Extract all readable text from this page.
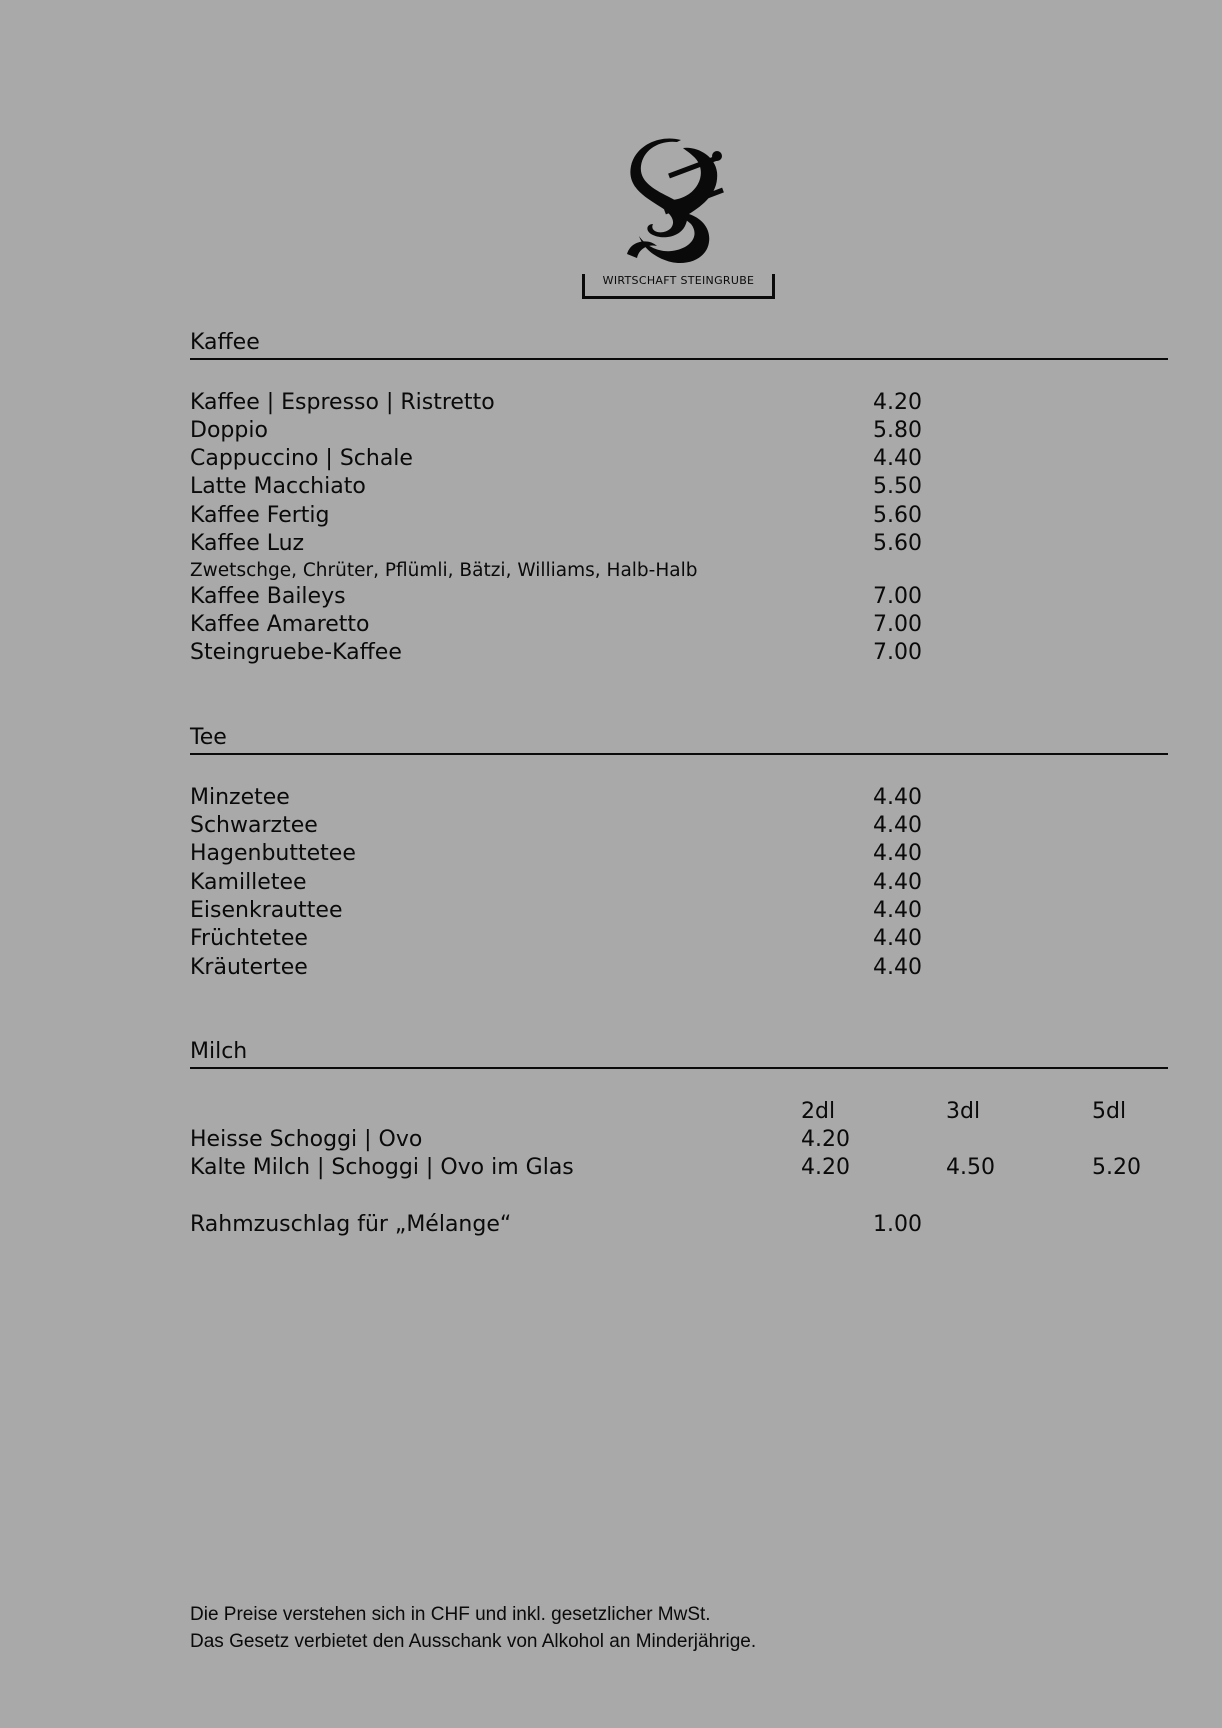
WIRTSCHAFT STEINGRUBE
Kaffee
Kaffee | Espresso | Ristretto	4.20
Doppio	5.80
Cappuccino | Schale	4.40
Latte Macchiato	5.50
Kaffee Fertig	5.60
Kaffee Luz	5.60
Zwetschge, Chrüter, Pflümli, Bätzi, Williams, Halb-Halb
Kaffee Baileys	7.00
Kaffee Amaretto	7.00
Steingruebe-Kaffee	7.00
Tee
Minzetee	4.40
Schwarztee	4.40
Hagenbuttetee	4.40
Kamilletee	4.40
Eisenkrauttee	4.40
Früchtetee	4.40
Kräutertee	4.40
Milch
2dl	3dl	5dl
Heisse Schoggi | Ovo	4.20
Kalte Milch | Schoggi | Ovo im Glas	4.20	4.50	5.20
Rahmzuschlag für „Mélange“	1.00
Die Preise verstehen sich in CHF und inkl. gesetzlicher MwSt.
Das Gesetz verbietet den Ausschank von Alkohol an Minderjährige.
